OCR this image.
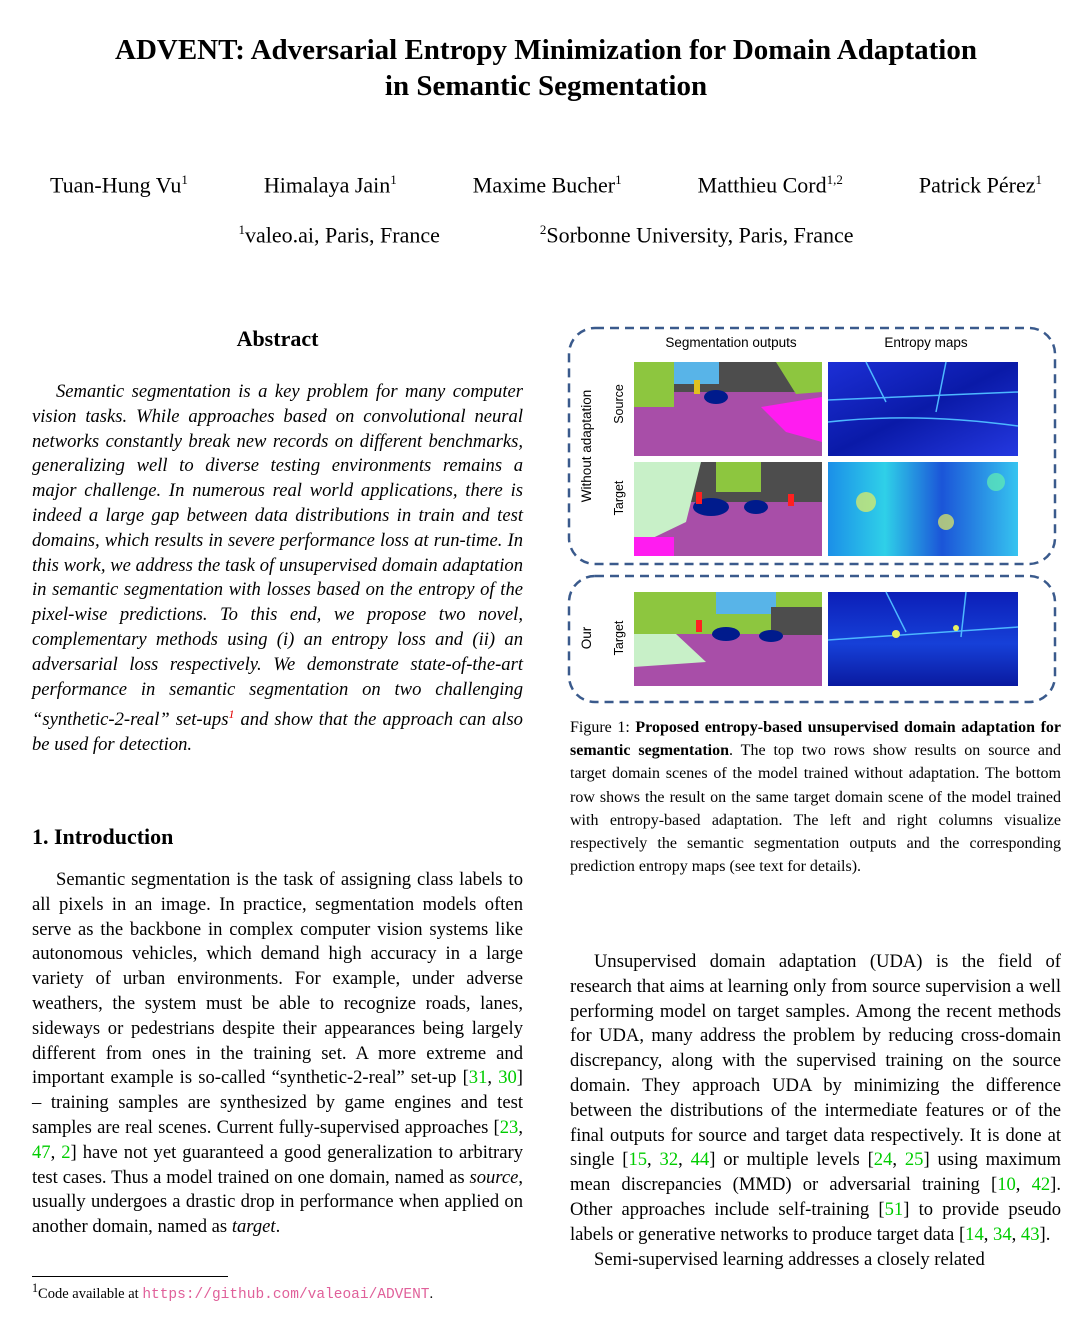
ADVENT: Adversarial Entropy Minimization for Domain Adaptation
in Semantic Segmentation
Tuan-Hung Vu$^1$	Himalaya Jain$^1$	Maxime Bucher$^1$	Matthieu Cord$^{1,2}$	Patrick Pérez$^1$
$^1$valeo.ai, Paris, France	$^2$Sorbonne University, Paris, France
Abstract

Semantic segmentation is a key problem for many computer vision tasks. While approaches based on convolutional neural networks constantly break new records on different benchmarks, generalizing well to diverse testing environments remains a major challenge. In numerous real world applications, there is indeed a large gap between data distributions in train and test domains, which results in severe performance loss at run-time. In this work, we address the task of unsupervised domain adaptation in semantic segmentation with losses based on the entropy of the pixel-wise predictions. To this end, we propose two novel, complementary methods using (i) an entropy loss and (ii) an adversarial loss respectively. We demonstrate state-of-the-art performance in semantic segmentation on two challenging “synthetic-2-real” set-ups$^1$ and show that the approach can also be used for detection.

1. Introduction

Semantic segmentation is the task of assigning class labels to all pixels in an image. In practice, segmentation models often serve as the backbone in complex computer vision systems like autonomous vehicles, which demand high accuracy in a large variety of urban environments. For example, under adverse weathers, the system must be able to recognize roads, lanes, sideways or pedestrians despite their appearances being largely different from ones in the training set. A more extreme and important example is so-called “synthetic-2-real” set-up [31, 30] – training samples are synthesized by game engines and test samples are real scenes. Current fully-supervised approaches [23, 47, 2] have not yet guaranteed a good generalization to arbitrary test cases. Thus a model trained on one domain, named as source, usually undergoes a drastic drop in performance when applied on another domain, named as target.

$^1$Code available at https://github.com/valeoai/ADVENT.
Segmentation outputs	Entropy maps
Without adaptation Source
Target
Our Target
Figure 1: Proposed entropy-based unsupervised domain adaptation for semantic segmentation. The top two rows show results on source and target domain scenes of the model trained without adaptation. The bottom row shows the result on the same target domain scene of the model trained with entropy-based adaptation. The left and right columns visualize respectively the semantic segmentation outputs and the corresponding prediction entropy maps (see text for details).

Unsupervised domain adaptation (UDA) is the field of research that aims at learning only from source supervision a well performing model on target samples. Among the recent methods for UDA, many address the problem by reducing cross-domain discrepancy, along with the supervised training on the source domain. They approach UDA by minimizing the difference between the distributions of the intermediate features or of the final outputs for source and target data respectively. It is done at single [15, 32, 44] or multiple levels [24, 25] using maximum mean discrepancies (MMD) or adversarial training [10, 42]. Other approaches include self-training [51] to provide pseudo labels or generative networks to produce target data [14, 34, 43].

Semi-supervised learning addresses a closely related
